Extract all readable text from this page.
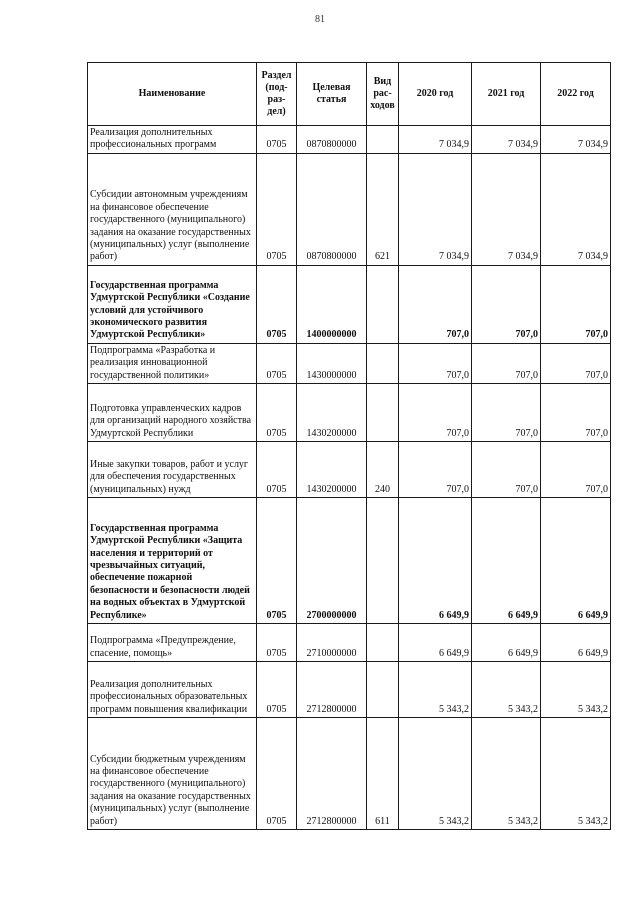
81
Наименование	Раздел (под-раз-дел)	Целевая статья	Вид рас-ходов	2020 год	2021 год	2022 год
Реализация дополнительных профессиональных программ	0705	0870800000		7 034,9	7 034,9	7 034,9
Субсидии автономным учреждениям на финансовое обеспечение государственного (муниципального) задания на оказание государственных (муниципальных) услуг (выполнение работ)	0705	0870800000	621	7 034,9	7 034,9	7 034,9
Государственная программа Удмуртской Республики «Создание условий для устойчивого экономического развития Удмуртской Республики»	0705	1400000000		707,0	707,0	707,0
Подпрограмма «Разработка и реализация инновационной государственной политики»	0705	1430000000		707,0	707,0	707,0
Подготовка управленческих кадров для организаций народного хозяйства Удмуртской Республики	0705	1430200000		707,0	707,0	707,0
Иные закупки товаров, работ и услуг для обеспечения государственных (муниципальных) нужд	0705	1430200000	240	707,0	707,0	707,0
Государственная программа Удмуртской Республики «Защита населения и территорий от чрезвычайных ситуаций, обеспечение пожарной безопасности и безопасности людей на водных объектах в Удмуртской Республике»	0705	2700000000		6 649,9	6 649,9	6 649,9
Подпрограмма «Предупреждение, спасение, помощь»	0705	2710000000		6 649,9	6 649,9	6 649,9
Реализация дополнительных профессиональных образовательных программ повышения квалификации	0705	2712800000		5 343,2	5 343,2	5 343,2
Субсидии бюджетным учреждениям на финансовое обеспечение государственного (муниципального) задания на оказание государственных (муниципальных) услуг (выполнение работ)	0705	2712800000	611	5 343,2	5 343,2	5 343,2
